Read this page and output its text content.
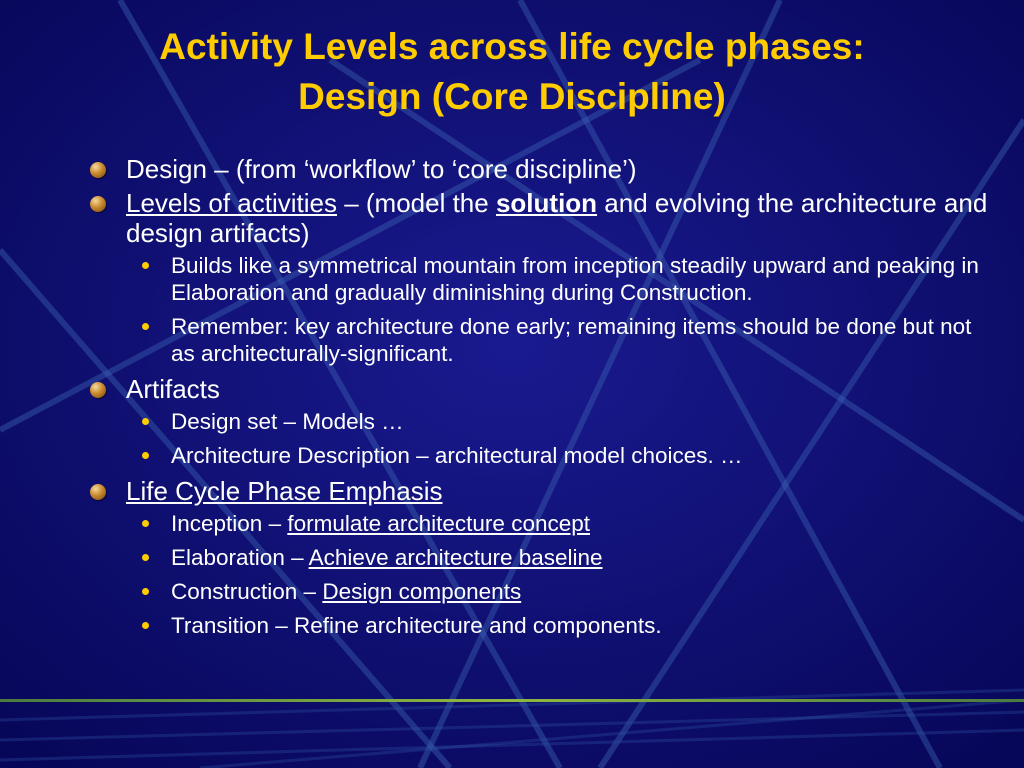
Activity Levels across life cycle phases:
Design (Core Discipline)
Design – (from ‘workflow’ to ‘core discipline’)
Levels of activities – (model the solution and evolving the architecture and design artifacts)
Builds like a symmetrical mountain from inception steadily upward and peaking in Elaboration and gradually diminishing during Construction.
Remember: key architecture done early; remaining items should be done but not as architecturally-significant.
Artifacts
Design set – Models …
Architecture Description – architectural model choices. …
Life Cycle Phase Emphasis
Inception – formulate architecture concept
Elaboration – Achieve architecture baseline
Construction – Design components
Transition – Refine architecture and components.
